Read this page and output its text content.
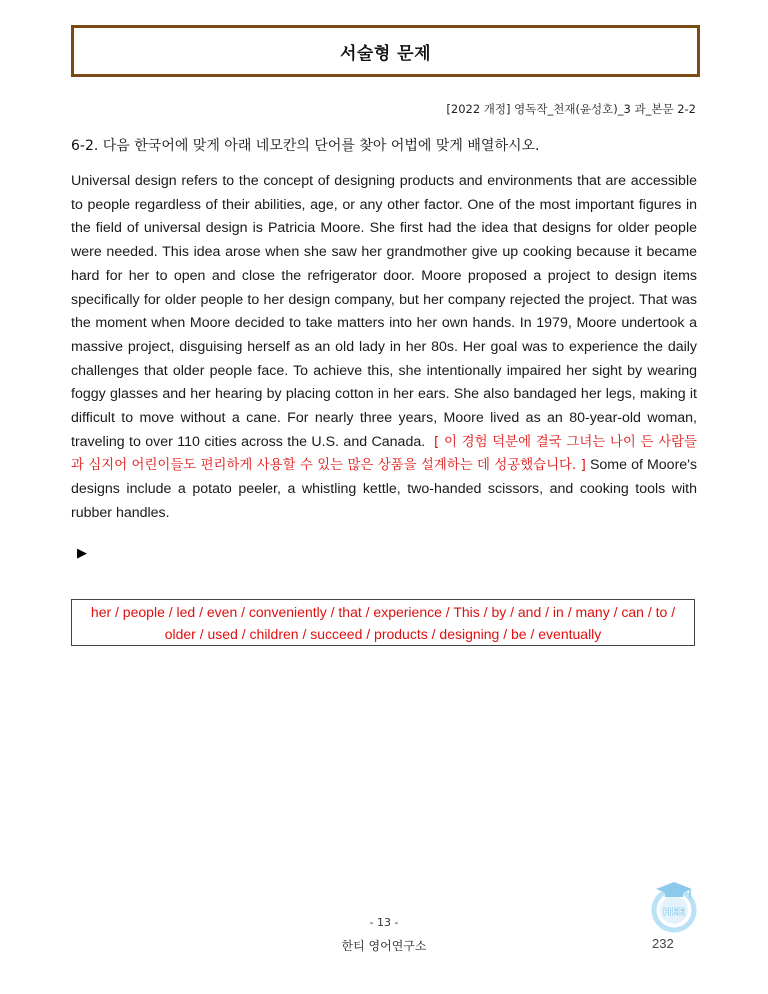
서술형 문제
[2022 개정] 영독작_천재(윤성호)_3 과_본문 2-2
6-2. 다음 한국어에 맞게 아래 네모칸의 단어를 찾아 어법에 맞게 배열하시오.
Universal design refers to the concept of designing products and environments that are accessible to people regardless of their abilities, age, or any other factor. One of the most important figures in the field of universal design is Patricia Moore. She first had the idea that designs for older people were needed. This idea arose when she saw her grandmother give up cooking because it became hard for her to open and close the refrigerator door. Moore proposed a project to design items specifically for older people to her design company, but her company rejected the project. That was the moment when Moore decided to take matters into her own hands. In 1979, Moore undertook a massive project, disguising herself as an old lady in her 80s. Her goal was to experience the daily challenges that older people face. To achieve this, she intentionally impaired her sight by wearing foggy glasses and her hearing by placing cotton in her ears. She also bandaged her legs, making it difficult to move without a cane. For nearly three years, Moore lived as an 80-year-old woman, traveling to over 110 cities across the U.S. and Canada. [ 이 경험 덕분에 결국 그녀는 나이 든 사람들과 심지어 어린이들도 편리하게 사용할 수 있는 많은 상품을 설계하는 데 성공했습니다. ] Some of Moore's designs include a potato peeler, a whistling kettle, two-handed scissors, and cooking tools with rubber handles.
▶
her / people / led / even / conveniently / that / experience / This / by / and / in / many / can / to / older / used / children / succeed / products / designing / be / eventually
- 13 -
한티 영어연구소
HEE
232
